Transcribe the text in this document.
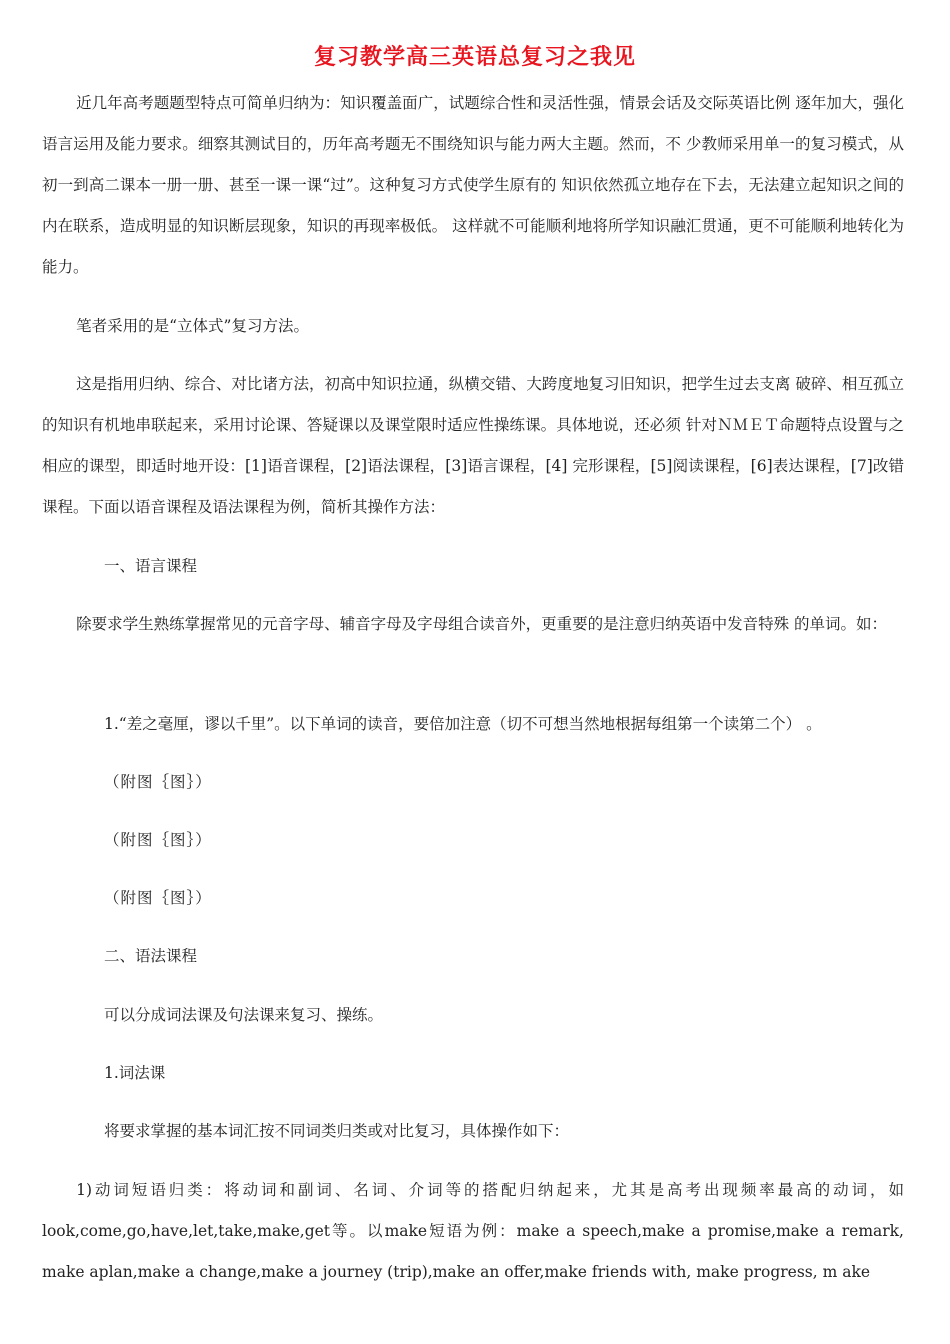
复习教学高三英语总复习之我见

近几年高考题题型特点可简单归纳为：知识覆盖面广，试题综合性和灵活性强，情景会话及交际英语比例 逐年加大，强化语言运用及能力要求。细察其测试目的，历年高考题无不围绕知识与能力两大主题。然而，不 少教师采用单一的复习模式，从初一到高二课本一册一册、甚至一课一课“过”。这种复习方式使学生原有的 知识依然孤立地存在下去，无法建立起知识之间的内在联系，造成明显的知识断层现象，知识的再现率极低。 这样就不可能顺利地将所学知识融汇贯通，更不可能顺利地转化为能力。

笔者采用的是“立体式”复习方法。

这是指用归纳、综合、对比诸方法，初高中知识拉通，纵横交错、大跨度地复习旧知识，把学生过去支离 破碎、相互孤立的知识有机地串联起来，采用讨论课、答疑课以及课堂限时适应性操练课。具体地说，还必须 针对ＮＭＥＴ命题特点设置与之相应的课型，即适时地开设：[1]语音课程，[2]语法课程，[3]语言课程，[4] 完形课程，[5]阅读课程，[6]表达课程，[7]改错课程。下面以语音课程及语法课程为例，简析其操作方法：

一、语言课程

除要求学生熟练掌握常见的元音字母、辅音字母及字母组合读音外，更重要的是注意归纳英语中发音特殊 的单词。如：

1.“差之毫厘，谬以千里”。以下单词的读音，要倍加注意（切不可想当然地根据每组第一个读第二个） 。

（附图｛图｝）

（附图｛图｝）

（附图｛图｝）

二、语法课程

可以分成词法课及句法课来复习、操练。

1.词法课

将要求掌握的基本词汇按不同词类归类或对比复习，具体操作如下：

1)动词短语归类：将动词和副词、名词、介词等的搭配归纳起来，尤其是高考出现频率最高的动词，如 look,come,go,have,let,take,make,get等。以make短语为例：make a speech,make a promise,make a remark, make aplan,make a change,make a journey (trip),make an offer,make friends with, make progress, m ake
